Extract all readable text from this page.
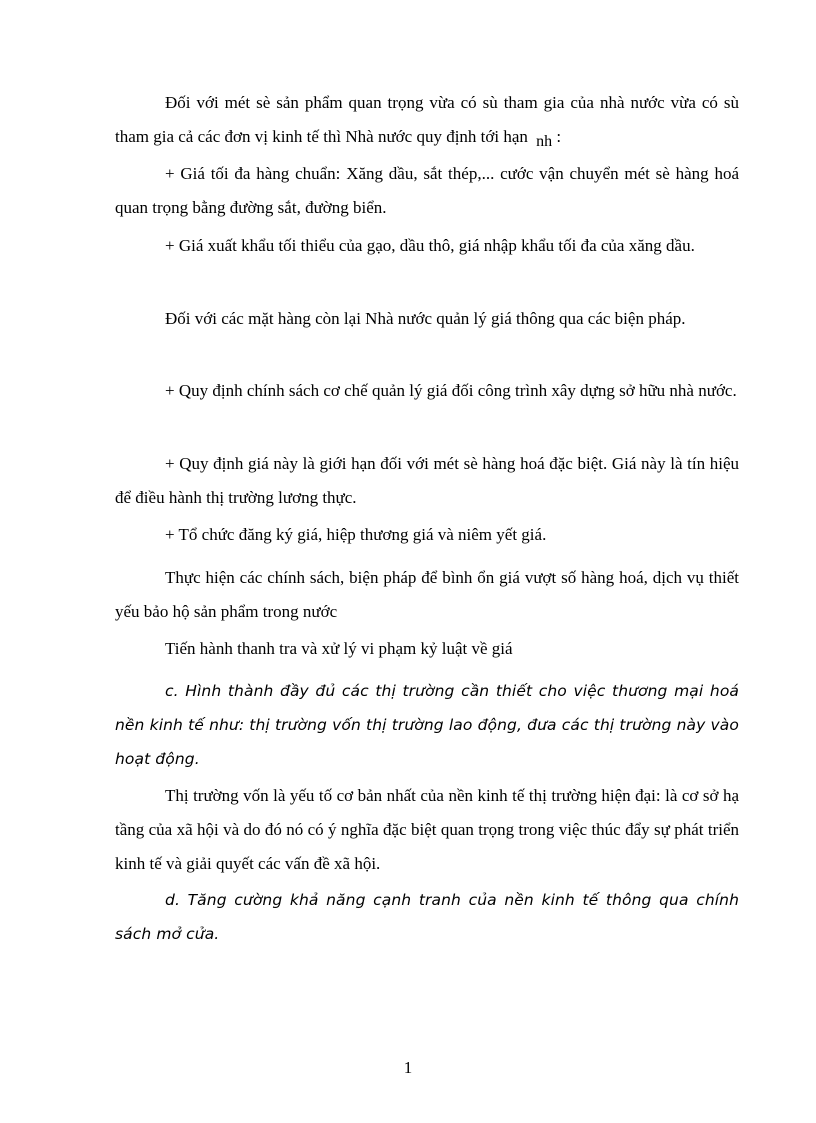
Đối với mét sè sản phẩm quan trọng vừa có sù tham gia của nhà nước vừa có sù tham gia cả các đơn vị kinh tế thì Nhà nước quy định tới hạn nh :

+ Giá tối đa hàng chuẩn: Xăng dầu, sắt thép,... cước vận chuyển mét sè hàng hoá quan trọng bằng đường sắt, đường biển.

+ Giá xuất khẩu tối thiểu của gạo, dầu thô, giá nhập khẩu tối đa của xăng dầu.

Đối với các mặt hàng còn lại Nhà nước quản lý giá thông qua các biện pháp.

+ Quy định chính sách cơ chế quản lý giá đối công trình xây dựng sở hữu nhà nước.

+ Quy định giá này là giới hạn đối với mét sè hàng hoá đặc biệt. Giá này là tín hiệu để điều hành thị trường lương thực.

+ Tổ chức đăng ký giá, hiệp thương giá và niêm yết giá.

Thực hiện các chính sách, biện pháp để bình ổn giá vượt số hàng hoá, dịch vụ thiết yếu bảo hộ sản phẩm trong nước

Tiến hành thanh tra và xử lý vi phạm kỷ luật về giá

c. Hình thành đầy đủ các thị trường cần thiết cho việc thương mại hoá nền kinh tế như: thị trường vốn thị trường lao động, đưa các thị trường này vào hoạt động.

Thị trường vốn là yếu tố cơ bản nhất của nền kinh tế thị trường hiện đại: là cơ sở hạ tầng của xã hội và do đó nó có ý nghĩa đặc biệt quan trọng trong việc thúc đẩy sự phát triển kinh tế và giải quyết các vấn đề xã hội.

d. Tăng cường khả năng cạnh tranh của nền kinh tế thông qua chính sách mở cửa.

1
